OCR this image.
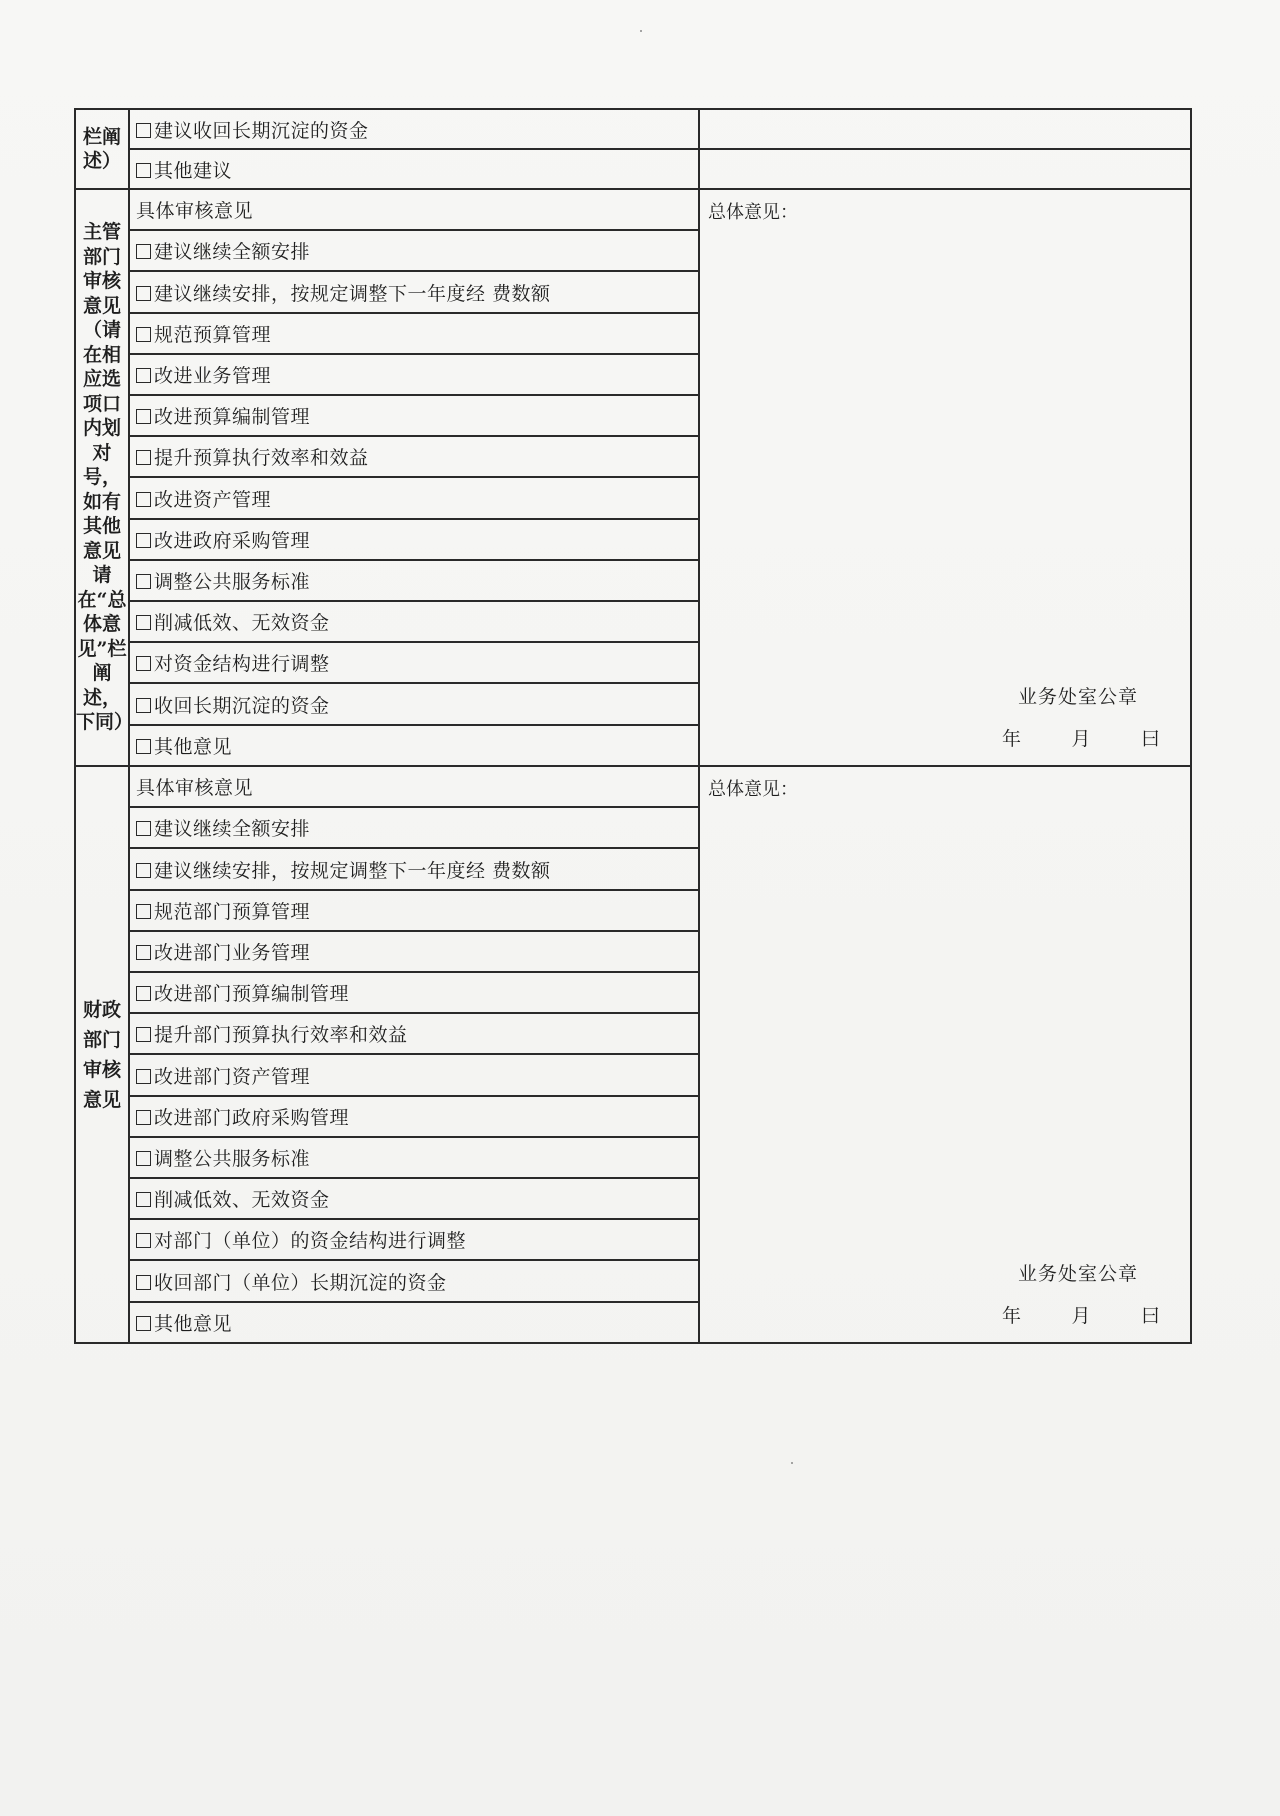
栏阐述）	建议收回长期沉淀的资金	
	其他建议	
主管部门审核意见（请在相应选项口内划对号，如有其他意见请在“总体意见”栏阐述，下同）	具体审核意见	总体意见：
业务处室公章
年 月 曰

	建议继续全额安排	
	建议继续安排，按规定调整下一年度经 费数额	
	规范预算管理	
	改进业务管理	
	改进预算编制管理	
	提升预算执行效率和效益	
	改进资产管理	
	改进政府采购管理	
	调整公共服务标准	
	削减低效、无效资金	
	对资金结构进行调整	
	收回长期沉淀的资金	
	其他意见	
财政部门审核意见	具体审核意见	总体意见：
业务处室公章
年 月 曰

	建议继续全额安排	
	建议继续安排，按规定调整下一年度经 费数额	
	规范部门预算管理	
	改进部门业务管理	
	改进部门预算编制管理	
	提升部门预算执行效率和效益	
	改进部门资产管理	
	改进部门政府采购管理	
	调整公共服务标准	
	削减低效、无效资金	
	对部门（单位）的资金结构进行调整	
	收回部门（单位）长期沉淀的资金	
	其他意见	
